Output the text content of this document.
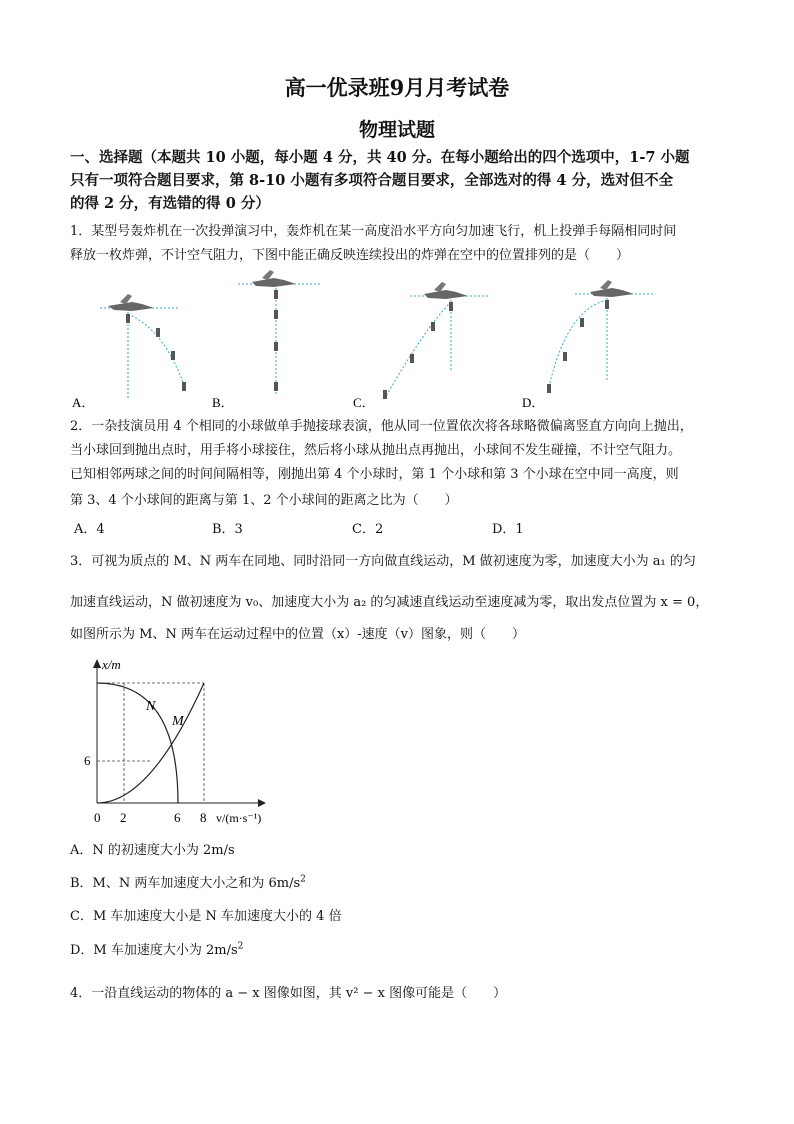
高一优录班9月月考试卷
物理试题
一、选择题（本题共 10 小题，每小题 4 分，共 40 分。在每小题给出的四个选项中，1-7 小题
只有一项符合题目要求，第 8-10 小题有多项符合题目要求，全部选对的得 4 分，选对但不全
的得 2 分，有选错的得 0 分）
1．某型号轰炸机在一次投弹演习中，轰炸机在某一高度沿水平方向匀加速飞行，机上投弹手每隔相同时间
释放一枚炸弹，不计空气阻力，下图中能正确反映连续投出的炸弹在空中的位置排列的是（　　）
A．	B．	C．	D．
2．一杂技演员用 4 个相同的小球做单手抛接球表演，他从同一位置依次将各球略微偏离竖直方向向上抛出，
当小球回到抛出点时，用手将小球接住，然后将小球从抛出点再抛出，小球间不发生碰撞，不计空气阻力。
已知相邻两球之间的时间间隔相等，刚抛出第 4 个小球时，第 1 个小球和第 3 个小球在空中同一高度，则
第 3、4 个小球间的距离与第 1、2 个小球间的距离之比为（　　）
A．4	B．3	C．2	D．1
3．可视为质点的 M、N 两车在同地、同时沿同一方向做直线运动，M 做初速度为零，加速度大小为 a₁ 的匀
加速直线运动，N 做初速度为 v₀、加速度大小为 a₂ 的匀减速直线运动至速度减为零，取出发点位置为 x = 0，
如图所示为 M、N 两车在运动过程中的位置（x）-速度（v）图象，则（　　）
x/m
N
M
6
0 2	6 8 v/(m·s⁻¹)
A．N 的初速度大小为 2m/s
B．M、N 两车加速度大小之和为 $6m/s^2$
C．M 车加速度大小是 N 车加速度大小的 4 倍
D．M 车加速度大小为 $2m/s^2$
4．一沿直线运动的物体的 a − x 图像如图，其 v² − x 图像可能是（　　）
